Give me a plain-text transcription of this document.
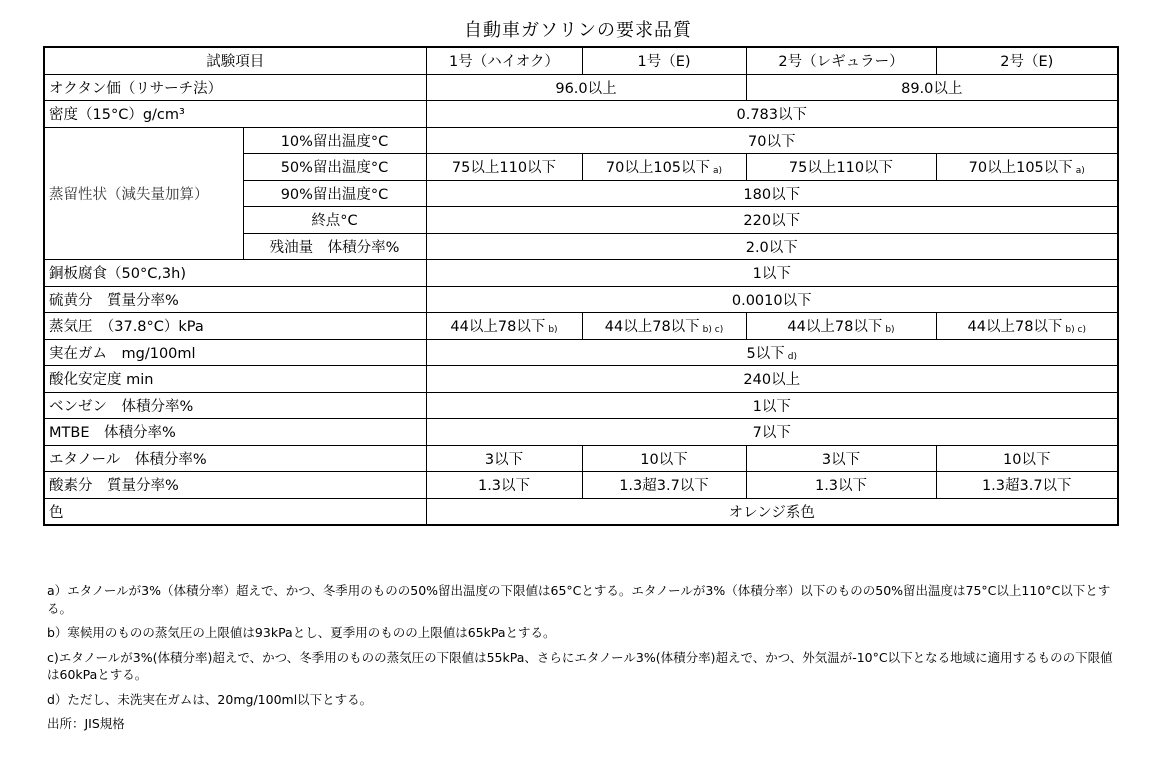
自動車ガソリンの要求品質
試験項目		1号（ハイオク）	1号（E)	2号（レギュラー）	2号（E)
オクタン価（リサーチ法）		96.0以上		89.0以上	
密度（15°C）g/cm³		0.783以下			
蒸留性状（減失量加算）	10%留出温度°C	70以下			
	50%留出温度°C	75以上110以下	70以上105以下 a)	75以上110以下	70以上105以下 a)
	90%留出温度°C	180以下			
	終点°C	220以下			
	残油量　体積分率%	2.0以下			
銅板腐食（50°C,3h)		1以下			
硫黄分　質量分率%		0.0010以下			
蒸気圧　（37.8°C）kPa		44以上78以下 b)	44以上78以下 b) c)	44以上78以下 b)	44以上78以下 b) c)
実在ガム　mg/100ml		5以下 d)			
酸化安定度 min		240以上			
ベンゼン　体積分率%		1以下			
MTBE　体積分率%		7以下			
エタノール　体積分率%		3以下	10以下	3以下	10以下
酸素分　質量分率%		1.3以下	1.3超3.7以下	1.3以下	1.3超3.7以下
色		オレンジ系色			

a）エタノールが3%（体積分率）超えで、かつ、冬季用のものの50%留出温度の下限値は65°Cとする。エタノールが3%（体積分率）以下のものの50%留出温度は75°C以上110°C以下とする。

b）寒候用のものの蒸気圧の上限値は93kPaとし、夏季用のものの上限値は65kPaとする。

c)エタノールが3%(体積分率)超えで、かつ、冬季用のものの蒸気圧の下限値は55kPa、さらにエタノール3%(体積分率)超えで、かつ、外気温が-10°C以下となる地域に適用するものの下限値は60kPaとする。

d）ただし、未洗実在ガムは、20mg/100ml以下とする。

出所：JIS規格
